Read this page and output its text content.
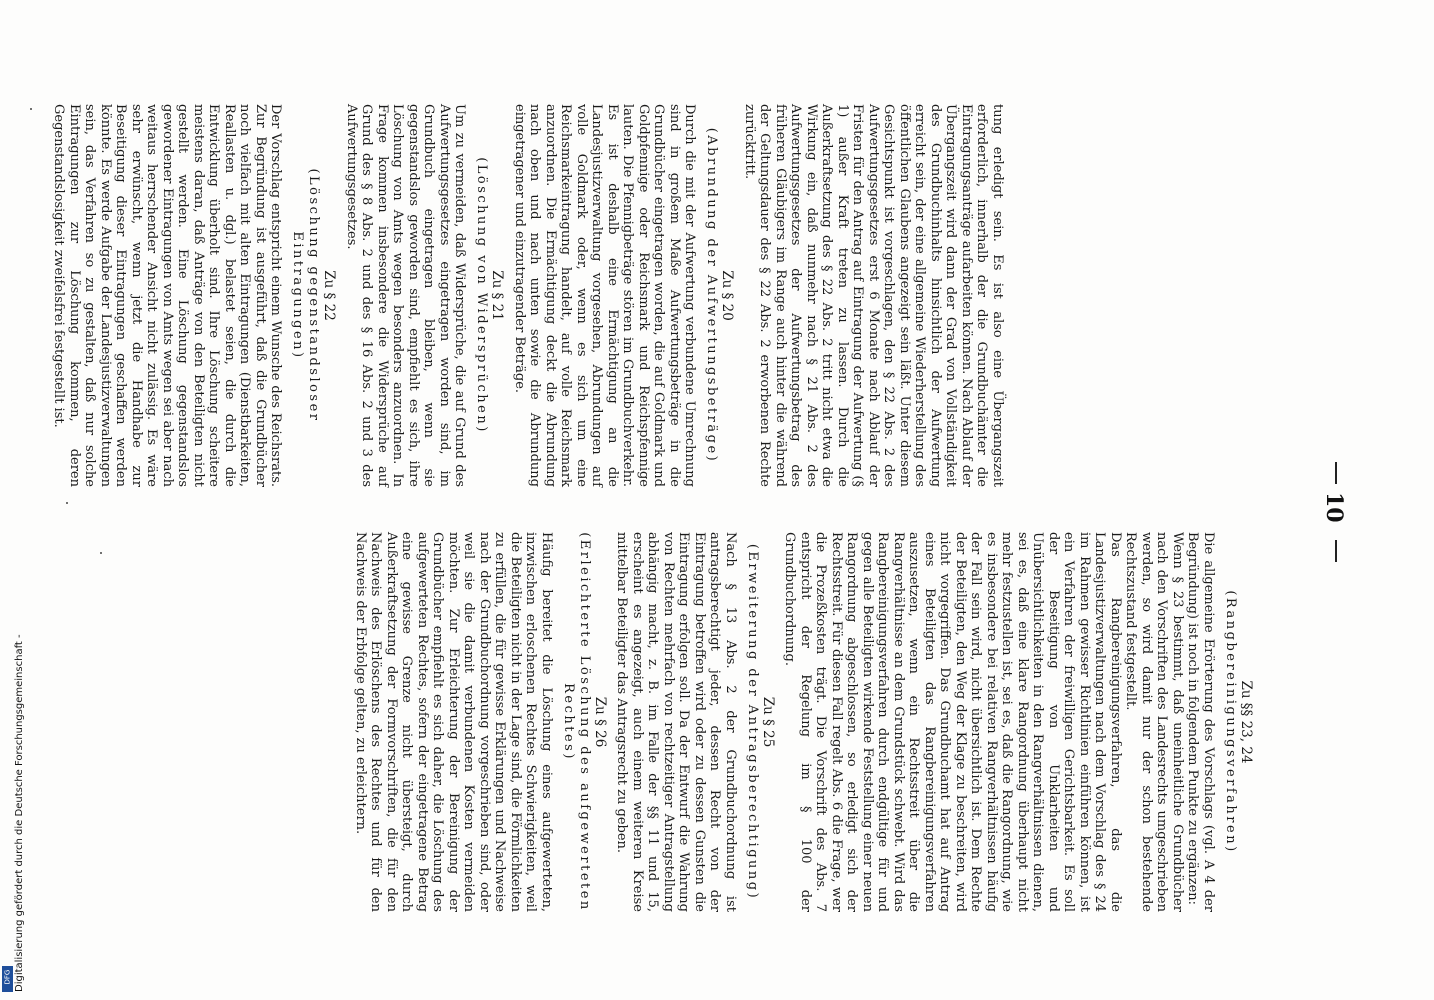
tung erledigt sein. Es ist also eine Übergangszeit erforderlich, innerhalb der die Grundbuchämter die Eintragungsanträge aufarbeiten können. Nach Ablauf der Übergangszeit wird dann der Grad von Vollständigkeit des Grundbuchinhalts hinsichtlich der Aufwertung erreicht sein, der eine allgemeine Wiederherstellung des öffentlichen Glaubens angezeigt sein läßt. Unter diesem Gesichtspunkt ist vorgeschlagen, den § 22 Abs. 2 des Aufwertungsgesetzes erst 6 Monate nach Ablauf der Fristen für den Antrag auf Eintragung der Aufwertung (§ 1) außer Kraft treten zu lassen. Durch die Außerkraftsetzung des § 22 Abs. 2 tritt nicht etwa die Wirkung ein, daß nunmehr nach § 21 Abs. 2 des Aufwertungsgesetzes der Aufwertungsbetrag des früheren Gläubigers im Range auch hinter die während der Geltungsdauer des § 22 Abs. 2 erworbenen Rechte zurücktritt.

Zu § 20
(Abrundung der Aufwertungsbeträge)

Durch die mit der Aufwertung verbundene Umrechnung sind in großem Maße Aufwertungsbeträge in die Grundbücher eingetragen worden, die auf Goldmark und Goldpfennige oder Reichsmark und Reichspfennige lauten. Die Pfennigbeträge stören im Grundbuchverkehr. Es ist deshalb eine Ermächtigung an die Landesjustizverwaltung vorgesehen, Abrundungen auf volle Goldmark oder, wenn es sich um eine Reichsmarkeintragung handelt, auf volle Reichsmark anzuordnen. Die Ermächtigung deckt die Abrundung nach oben und nach unten sowie die Abrundung eingetragener und einzutragender Beträge.

Zu § 21
(Löschung von Widersprüchen)

Um zu vermeiden, daß Widersprüche, die auf Grund des Aufwertungsgesetzes eingetragen worden sind, im Grundbuch eingetragen bleiben, wenn sie gegenstandslos geworden sind, empfiehlt es sich, ihre Löschung von Amts wegen besonders anzuordnen. In Frage kommen insbesondere die Widersprüche auf Grund des § 8 Abs. 2 und des § 16 Abs. 2 und 3 des Aufwertungsgesetzes.

Zu § 22
(Löschung gegenstandsloser Eintragungen)

Der Vorschlag entspricht einem Wunsche des Reichsrats. Zur Begründung ist ausgeführt, daß die Grundbücher noch vielfach mit alten Eintragungen (Dienstbarkeiten, Reallasten u. dgl.) belastet seien, die durch die Entwicklung überholt sind. Ihre Löschung scheitere meistens daran, daß Anträge von den Beteiligten nicht gestellt werden. Eine Löschung gegenstandslos gewordener Eintragungen von Amts wegen sei aber nach weitaus herrschender Ansicht nicht zulässig. Es wäre sehr erwünscht, wenn jetzt die Handhabe zur Beseitigung dieser Eintragungen geschaffen werden könnte. Es werde Aufgabe der Landesjustizverwaltungen sein, das Verfahren so zu gestalten, daß nur solche Eintragungen zur Löschung kommen, deren Gegenstandslosigkeit zweifelsfrei festgestellt ist.

Zu §§ 23, 24
(Rangbereinigungsverfahren)

Die allgemeine Erörterung des Vorschlags (vgl. A 4 der Begründung) ist noch in folgendem Punkte zu ergänzen:

Wenn § 23 bestimmt, daß uneinheitliche Grundbücher nach den Vorschriften des Landesrechts umgeschrieben werden, so wird damit nur der schon bestehende Rechtszustand festgestellt.

Das Rangbereinigungsverfahren, das die Landesjustizverwaltungen nach dem Vorschlag des § 24 im Rahmen gewisser Richtlinien einführen können, ist ein Verfahren der freiwilligen Gerichtsbarkeit. Es soll der Beseitigung von Unklarheiten und Unübersichtlichkeiten in den Rangverhältnissen dienen, sei es, daß eine klare Rangordnung überhaupt nicht mehr festzustellen ist, sei es, daß die Rangordnung, wie es insbesondere bei relativen Rangverhältnissen häufig der Fall sein wird, nicht übersichtlich ist. Dem Rechte der Beteiligten, den Weg der Klage zu beschreiten, wird nicht vorgegriffen. Das Grundbuchamt hat auf Antrag eines Beteiligten das Rangbereinigungsverfahren auszusetzen, wenn ein Rechtsstreit über die Rangverhältnisse an dem Grundstück schwebt. Wird das Rangbereinigungsverfahren durch endgültige für und gegen alle Beteiligten wirkende Feststellung einer neuen Rangordnung abgeschlossen, so erledigt sich der Rechtsstreit. Für diesen Fall regelt Abs. 6 die Frage, wer die Prozeßkosten trägt. Die Vorschrift des Abs. 7 entspricht der Regelung im § 100 der Grundbuchordnung.

Zu § 25
(Erweiterung der Antragsberechtigung)

Nach § 13 Abs. 2 der Grundbuchordnung ist antragsberechtigt jeder, dessen Recht von der Eintragung betroffen wird oder zu dessen Gunsten die Eintragung erfolgen soll. Da der Entwurf die Wahrung von Rechten mehrfach von rechtzeitiger Antragstellung abhängig macht, z. B. im Falle der §§ 11 und 15, erscheint es angezeigt, auch einem weiteren Kreise mittelbar Beteiligter das Antragsrecht zu geben.

Zu § 26
(Erleichterte Löschung des aufgewerteten Rechtes)

Häufig bereitet die Löschung eines aufgewerteten, inzwischen erloschenen Rechtes Schwierigkeiten, weil die Beteiligten nicht in der Lage sind, die Förmlichkeiten zu erfüllen, die für gewisse Erklärungen und Nachweise nach der Grundbuchordnung vorgeschrieben sind, oder weil sie die damit verbundenen Kosten vermeiden möchten. Zur Erleichterung der Bereinigung der Grundbücher empfiehlt es sich daher, die Löschung des aufgewerteten Rechtes, sofern der eingetragene Betrag eine gewisse Grenze nicht übersteigt, durch Außerkraftsetzung der Formvorschriften, die für den Nachweis des Erlöschens des Rechtes und für den Nachweis der Erbfolge gelten, zu erleichtern.

10
Digitalisierung gefördert durch die Deutsche Forschungsgemeinschaft -
DFG
